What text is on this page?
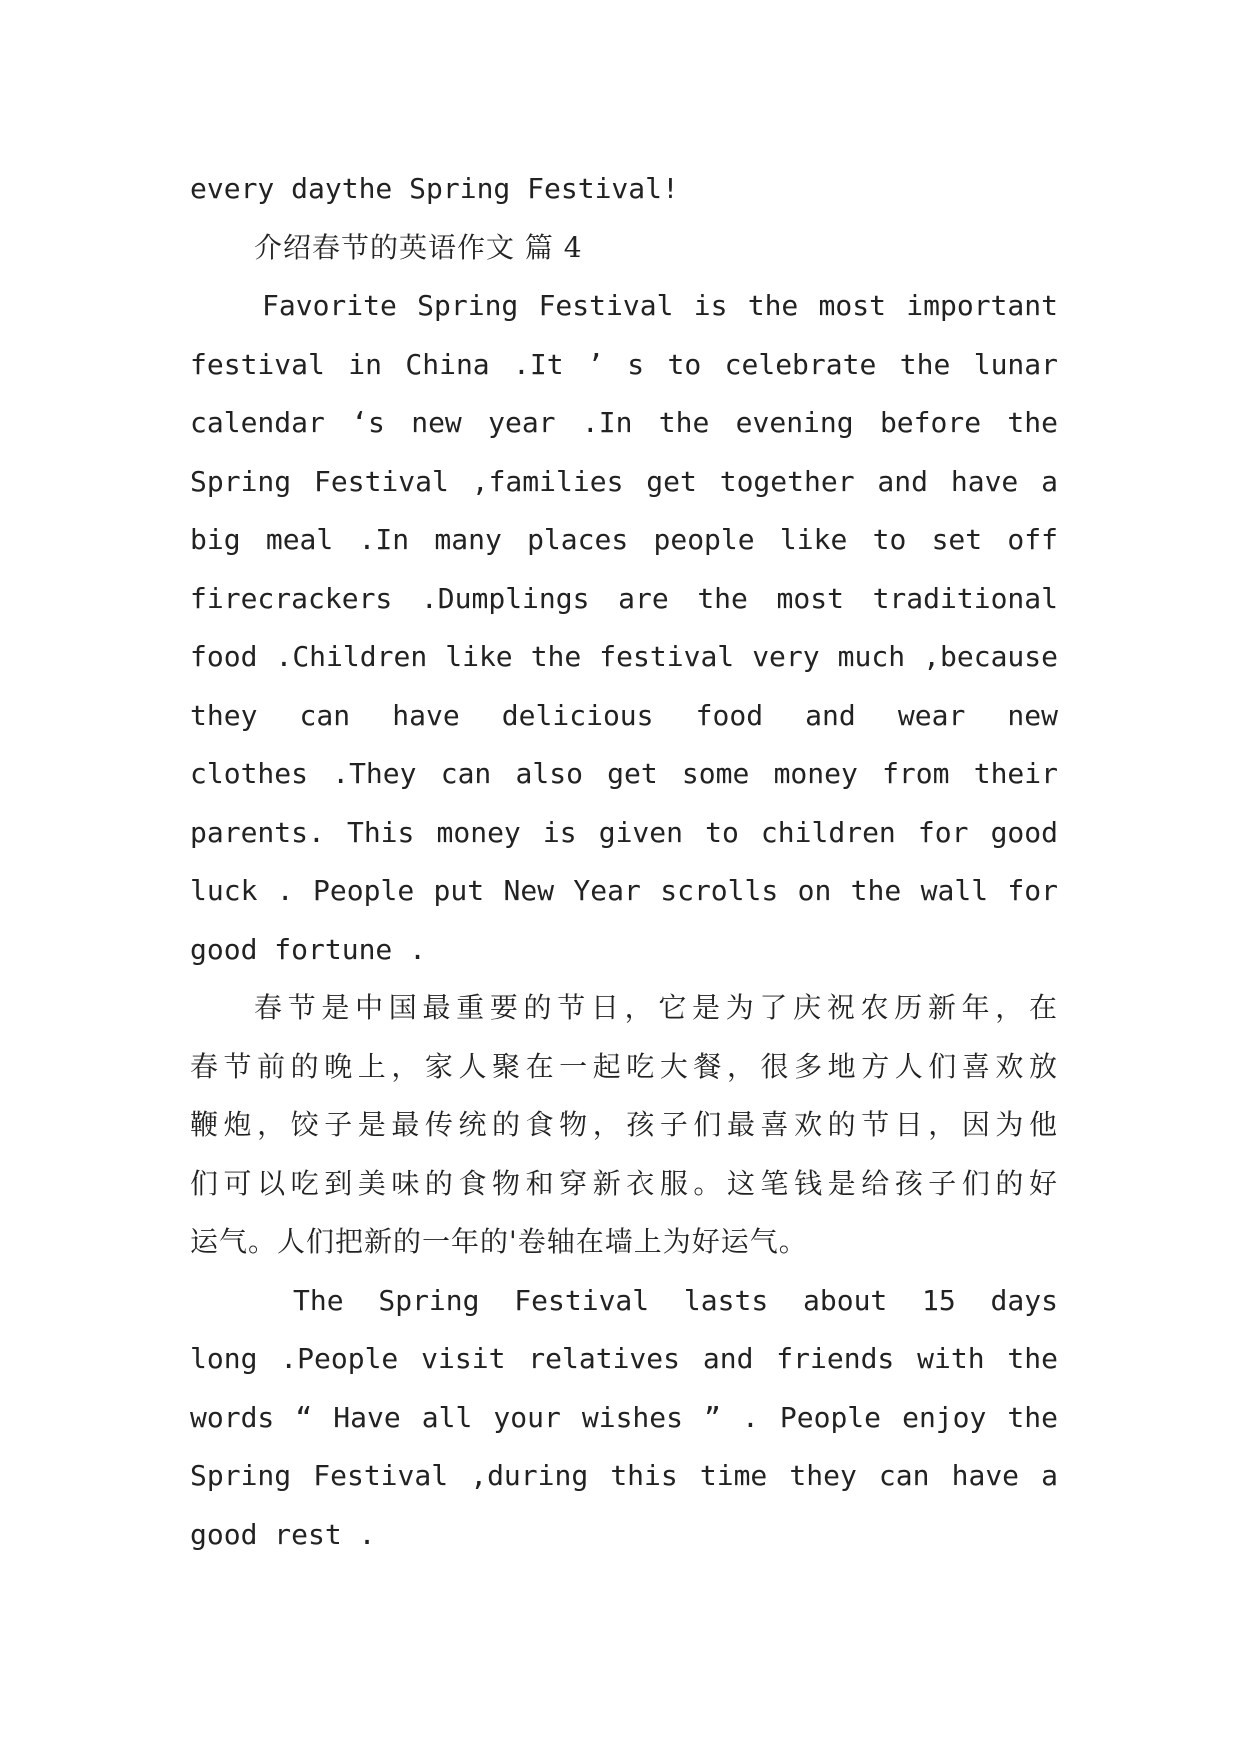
every daythe Spring Festival!
介绍春节的英语作文 篇 4
Favorite Spring Festival is the most important
festival in China .It ’ s to celebrate the lunar
calendar ‘s new year .In the evening before the
Spring Festival ,families get together and have a
big meal .In many places people like to set off
firecrackers .Dumplings are the most traditional
food .Children like the festival very much ,because
they can have delicious food and wear new
clothes .They can also get some money from their
parents. This money is given to children for good
luck . People put New Year scrolls on the wall for
good fortune .
春节是中国最重要的节日，它是为了庆祝农历新年，在
春节前的晚上，家人聚在一起吃大餐，很多地方人们喜欢放
鞭炮，饺子是最传统的食物，孩子们最喜欢的节日，因为他
们可以吃到美味的食物和穿新衣服。这笔钱是给孩子们的好
运气。人们把新的一年的'卷轴在墙上为好运气。
The Spring Festival lasts about 15 days
long .People visit relatives and friends with the
words “ Have all your wishes ” . People enjoy the
Spring Festival ,during this time they can have a
good rest .
